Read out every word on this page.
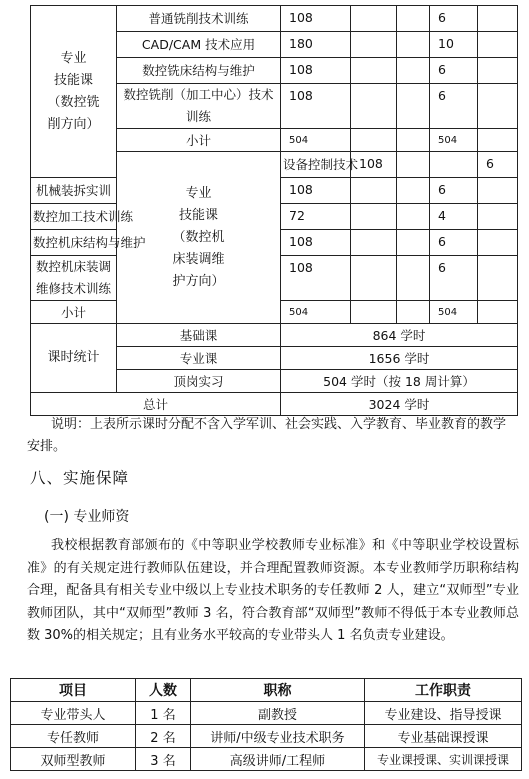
专业
技能课
（数控铣
削方向）	普通铣削技术训练	108			6		
	CAD/CAM 技术应用	180			10		
	数控铣床结构与维护	108			6		
	数控铣削（加工中心）技术训练	108			6		
	小计	504			504		
	专业
技能课
（数控机
床装调维
护方向）	设备控制技术	108			6	
机械装拆实训		108			6		
数控加工技术训练		72			4		
数控机床结构与维护		108			6		
数控机床装调维修技术训练		108			6		
小计		504			504		
课时统计	基础课	864 学时					
	专业课	1656 学时					
	顶岗实习	504 学时（按 18 周计算）					
总计		3024 学时					
说明：上表所示课时分配不含入学军训、社会实践、入学教育、毕业教育的教学安排。
八、实施保障
(一) 专业师资
我校根据教育部颁布的《中等职业学校教师专业标准》和《中等职业学校设置标准》的有关规定进行教师队伍建设，并合理配置教师资源。本专业教师学历职称结构合理，配备具有相关专业中级以上专业技术职务的专任教师 2 人，建立“双师型”专业教师团队，其中“双师型”教师 3 名，符合教育部“双师型”教师不得低于本专业教师总数 30%的相关规定；且有业务水平较高的专业带头人 1 名负责专业建设。
项目	人数	职称	工作职责
专业带头人	1 名	副教授	专业建设、指导授课
专任教师	2 名	讲师/中级专业技术职务	专业基础课授课
双师型教师	3 名	高级讲师/工程师	专业课授课、实训课授课
